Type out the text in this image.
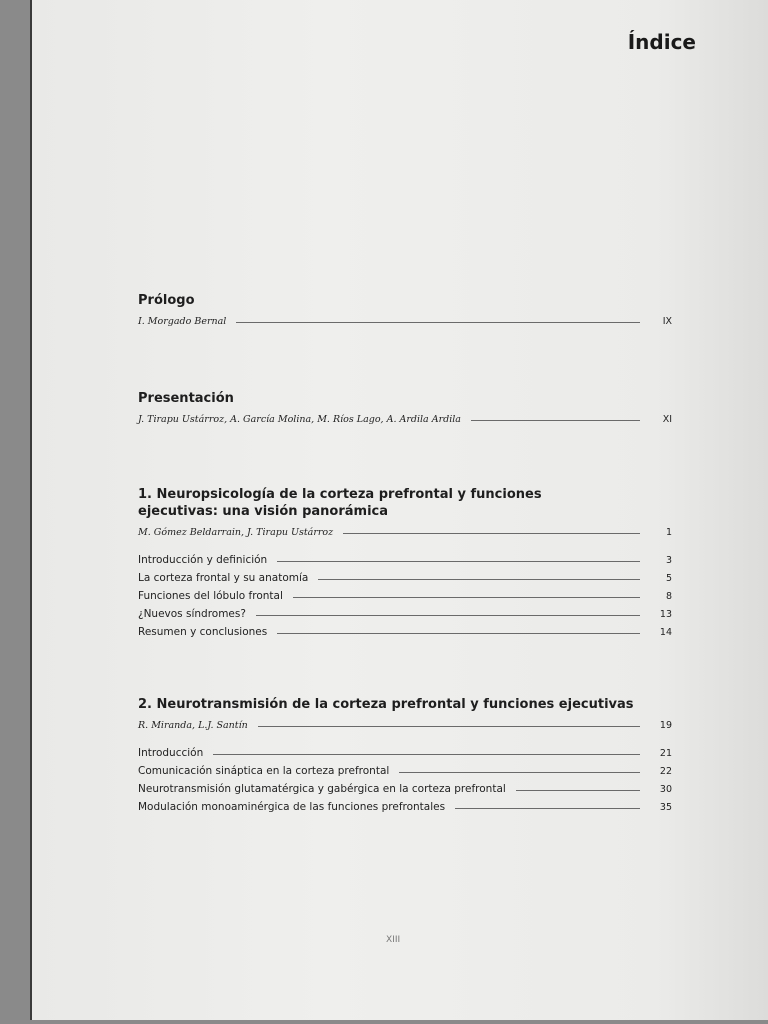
Índice
Prólogo
I. Morgado Bernal	IX
Presentación
J. Tirapu Ustárroz, A. García Molina, M. Ríos Lago, A. Ardila Ardila	XI
1. Neuropsicología de la corteza prefrontal y funciones ejecutivas: una visión panorámica
M. Gómez Beldarrain, J. Tirapu Ustárroz	1
Introducción y definición	3
La corteza frontal y su anatomía	5
Funciones del lóbulo frontal	8
¿Nuevos síndromes?	13
Resumen y conclusiones	14
2. Neurotransmisión de la corteza prefrontal y funciones ejecutivas
R. Miranda, L.J. Santín	19
Introducción	21
Comunicación sináptica en la corteza prefrontal	22
Neurotransmisión glutamatérgica y gabérgica en la corteza prefrontal	30
Modulación monoaminérgica de las funciones prefrontales	35
XIII
